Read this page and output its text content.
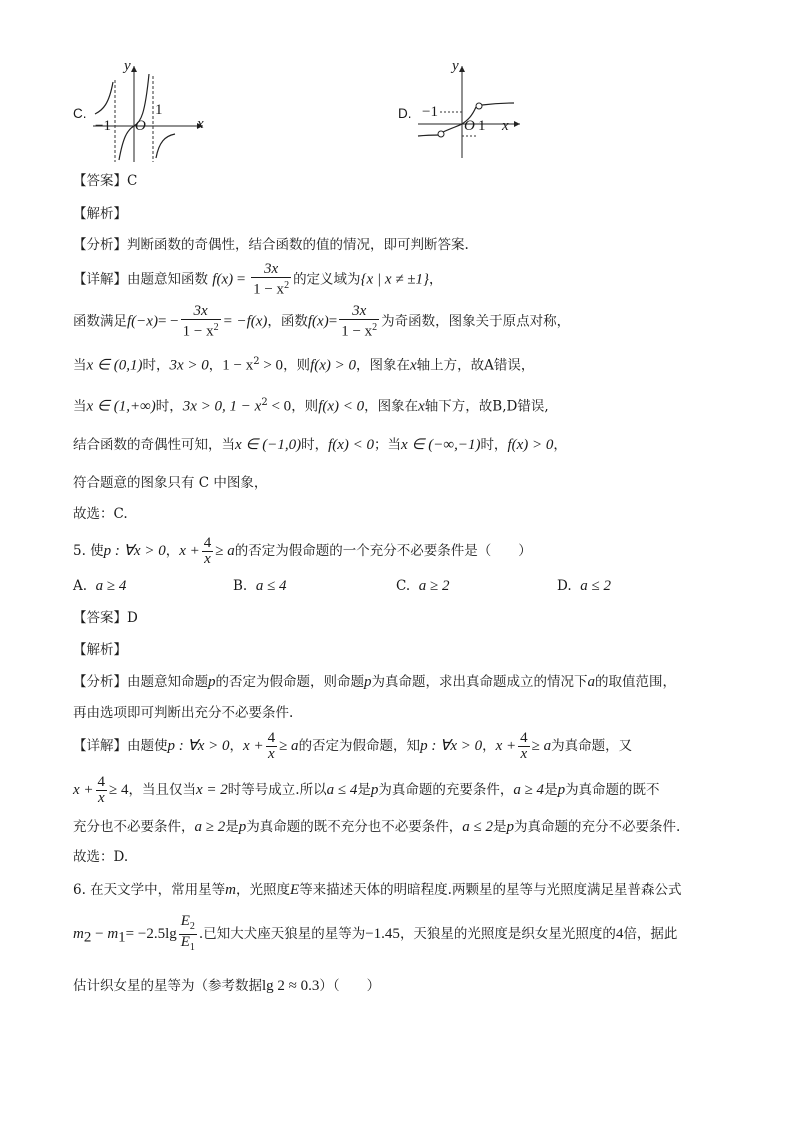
C.
x
y
O
−1
1	D.
x
y
O
−1
1
【答案】C
【解析】
【分析】判断函数的奇偶性，结合函数的值的情况，即可判断答案.
【详解】由题意知函数 $f(x) = \frac{3x}{1 - x^2}$ 的定义域为{x | x ≠ ±1}，
函数满足$f(-x)= - \frac{3x}{1 - x^2} = -f(x)$，函数$f(x)= \frac{3x}{1 - x^2}$ 为奇函数，图象关于原点对称，
当x ∈ (0,1)时，3x > 0，$1 - x^2 > 0$，则f(x) > 0，图象在x轴上方，故A错误，
当x ∈ (1,+∞)时，3x > 0, $1 - x^2 < 0$，则f(x) < 0，图象在x轴下方，故B,D错误,
结合函数的奇偶性可知，当x ∈ (−1,0)时，f(x) < 0；当x ∈ (−∞,−1)时，f(x) > 0，
符合题意的图象只有 C 中图象，
故选：C.
5. 使p : ∀x > 0，$x + \frac{4}{x} \ge a$的否定为假命题的一个充分不必要条件是（　　）
A. a ≥ 4	B. a ≤ 4	C. a ≥ 2	D. a ≤ 2
【答案】D
【解析】
【分析】由题意知命题p的否定为假命题，则命题p为真命题，求出真命题成立的情况下a的取值范围，
再由选项即可判断出充分不必要条件.
【详解】由题使p : ∀x > 0，$x + \frac{4}{x} \ge a$的否定为假命题，知p : ∀x > 0，$x + \frac{4}{x} \ge a$为真命题，又
$x + \frac{4}{x} \ge 4$，当且仅当x = 2时等号成立.所以a ≤ 4是p为真命题的充要条件，a ≥ 4是p为真命题的既不
充分也不必要条件，a ≥ 2是p为真命题的既不充分也不必要条件，a ≤ 2是p为真命题的充分不必要条件.
故选：D.
6. 在天文学中，常用星等m，光照度E等来描述天体的明暗程度.两颗星的星等与光照度满足星普森公式
$m_2 - m_1= -2.5\lg \frac{E_2}{E_1}$ .已知大犬座天狼星的星等为−1.45，天狼星的光照度是织女星光照度的4倍，据此
估计织女星的星等为（参考数据lg 2 ≈ 0.3）（　　）
